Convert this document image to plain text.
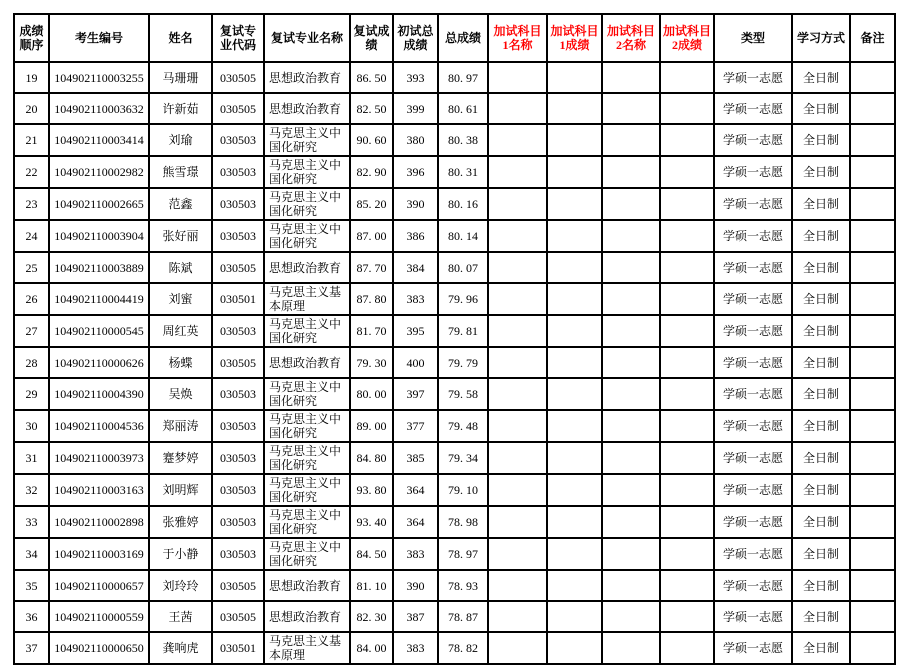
成绩顺序	考生编号	姓名	复试专业代码	复试专业名称	复试成绩	初试总成绩	总成绩	加试科目1名称	加试科目1成绩	加试科目2名称	加试科目2成绩	类型	学习方式	备注
19	104902110003255	马珊珊	030505	思想政治教育	86. 50	393	80. 97					学硕一志愿	全日制	
20	104902110003632	许新茹	030505	思想政治教育	82. 50	399	80. 61					学硕一志愿	全日制	
21	104902110003414	刘瑜	030503	马克思主义中国化研究	90. 60	380	80. 38					学硕一志愿	全日制	
22	104902110002982	熊雪璟	030503	马克思主义中国化研究	82. 90	396	80. 31					学硕一志愿	全日制	
23	104902110002665	范鑫	030503	马克思主义中国化研究	85. 20	390	80. 16					学硕一志愿	全日制	
24	104902110003904	张好丽	030503	马克思主义中国化研究	87. 00	386	80. 14					学硕一志愿	全日制	
25	104902110003889	陈斌	030505	思想政治教育	87. 70	384	80. 07					学硕一志愿	全日制	
26	104902110004419	刘蜜	030501	马克思主义基本原理	87. 80	383	79. 96					学硕一志愿	全日制	
27	104902110000545	周红英	030503	马克思主义中国化研究	81. 70	395	79. 81					学硕一志愿	全日制	
28	104902110000626	杨蝶	030505	思想政治教育	79. 30	400	79. 79					学硕一志愿	全日制	
29	104902110004390	吴焕	030503	马克思主义中国化研究	80. 00	397	79. 58					学硕一志愿	全日制	
30	104902110004536	郑丽涛	030503	马克思主义中国化研究	89. 00	377	79. 48					学硕一志愿	全日制	
31	104902110003973	蹇梦婷	030503	马克思主义中国化研究	84. 80	385	79. 34					学硕一志愿	全日制	
32	104902110003163	刘明辉	030503	马克思主义中国化研究	93. 80	364	79. 10					学硕一志愿	全日制	
33	104902110002898	张雅婷	030503	马克思主义中国化研究	93. 40	364	78. 98					学硕一志愿	全日制	
34	104902110003169	于小静	030503	马克思主义中国化研究	84. 50	383	78. 97					学硕一志愿	全日制	
35	104902110000657	刘玲玲	030505	思想政治教育	81. 10	390	78. 93					学硕一志愿	全日制	
36	104902110000559	王茜	030505	思想政治教育	82. 30	387	78. 87					学硕一志愿	全日制	
37	104902110000650	龚响虎	030501	马克思主义基本原理	84. 00	383	78. 82					学硕一志愿	全日制	
